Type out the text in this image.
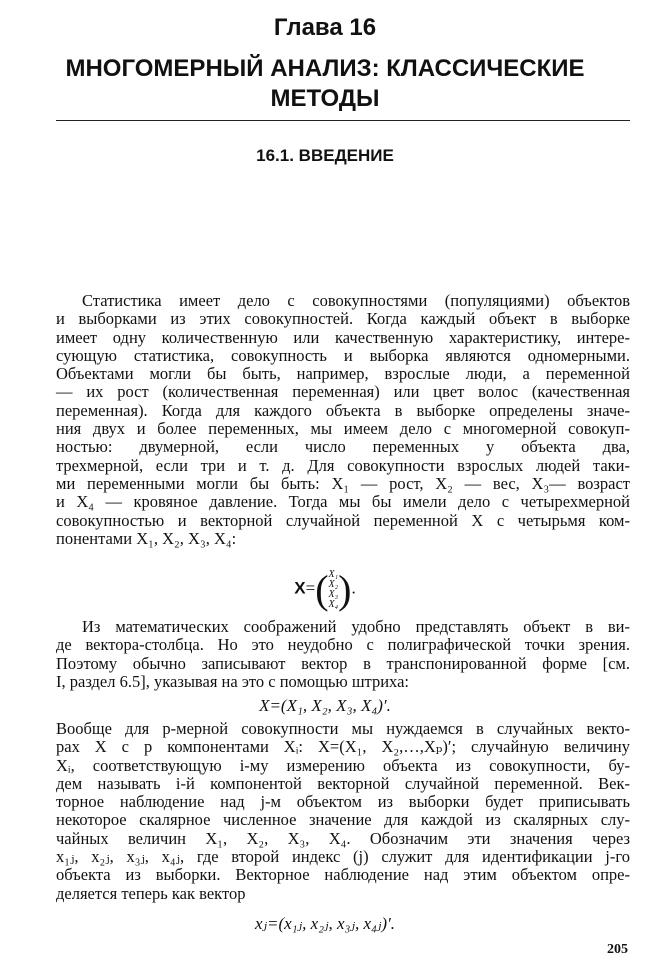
Глава 16
МНОГОМЕРНЫЙ АНАЛИЗ: КЛАССИЧЕСКИЕ МЕТОДЫ
16.1. ВВЕДЕНИЕ
Статистика имеет дело с совокупностями (популяциями) объектов
и выборками из этих совокупностей. Когда каждый объект в выборке
имеет одну количественную или качественную характеристику, интере-
сующую статистика, совокупность и выборка являются одномерными.
Объектами могли бы быть, например, взрослые люди, а переменной
— их рост (количественная переменная) или цвет волос (качественная
переменная). Когда для каждого объекта в выборке определены значе-
ния двух и более переменных, мы имеем дело с многомерной совокуп-
ностью: двумерной, если число переменных у объекта два,
трехмерной, если три и т. д. Для совокупности взрослых людей таки-
ми переменными могли бы быть: X₁ — рост, X₂ — вес, X₃— возраст
и X₄ — кровяное давление. Тогда мы бы имели дело с четырехмерной
совокупностью и векторной случайной переменной X с четырьмя ком-
понентами X₁, X₂, X₃, X₄:
X=(X₁
X₂
X₃
X₄).
Из математических соображений удобно представлять объект в ви-
де вектора-столбца. Но это неудобно с полиграфической точки зрения.
Поэтому обычно записывают вектор в транспонированной форме [см.
I, раздел 6.5], указывая на это с помощью штриха:
X=(X₁, X₂, X₃, X₄)′.
Вообще для p-мерной совокупности мы нуждаемся в случайных векто-
рах X с p компонентами Xᵢ: X=(X₁, X₂,…,Xₚ)′; случайную величину
Xᵢ, соответствующую i-му измерению объекта из совокупности, бу-
дем называть i-й компонентой векторной случайной переменной. Век-
торное наблюдение над j-м объектом из выборки будет приписывать
некоторое скалярное численное значение для каждой из скалярных слу-
чайных величин X₁, X₂, X₃, X₄. Обозначим эти значения через
x₁ⱼ, x₂ⱼ, x₃ⱼ, x₄ⱼ, где второй индекс (j) служит для идентификации j-го
объекта из выборки. Векторное наблюдение над этим объектом опре-
деляется теперь как вектор
xⱼ=(x₁ⱼ, x₂ⱼ, x₃ⱼ, x₄ⱼ)′.
205
